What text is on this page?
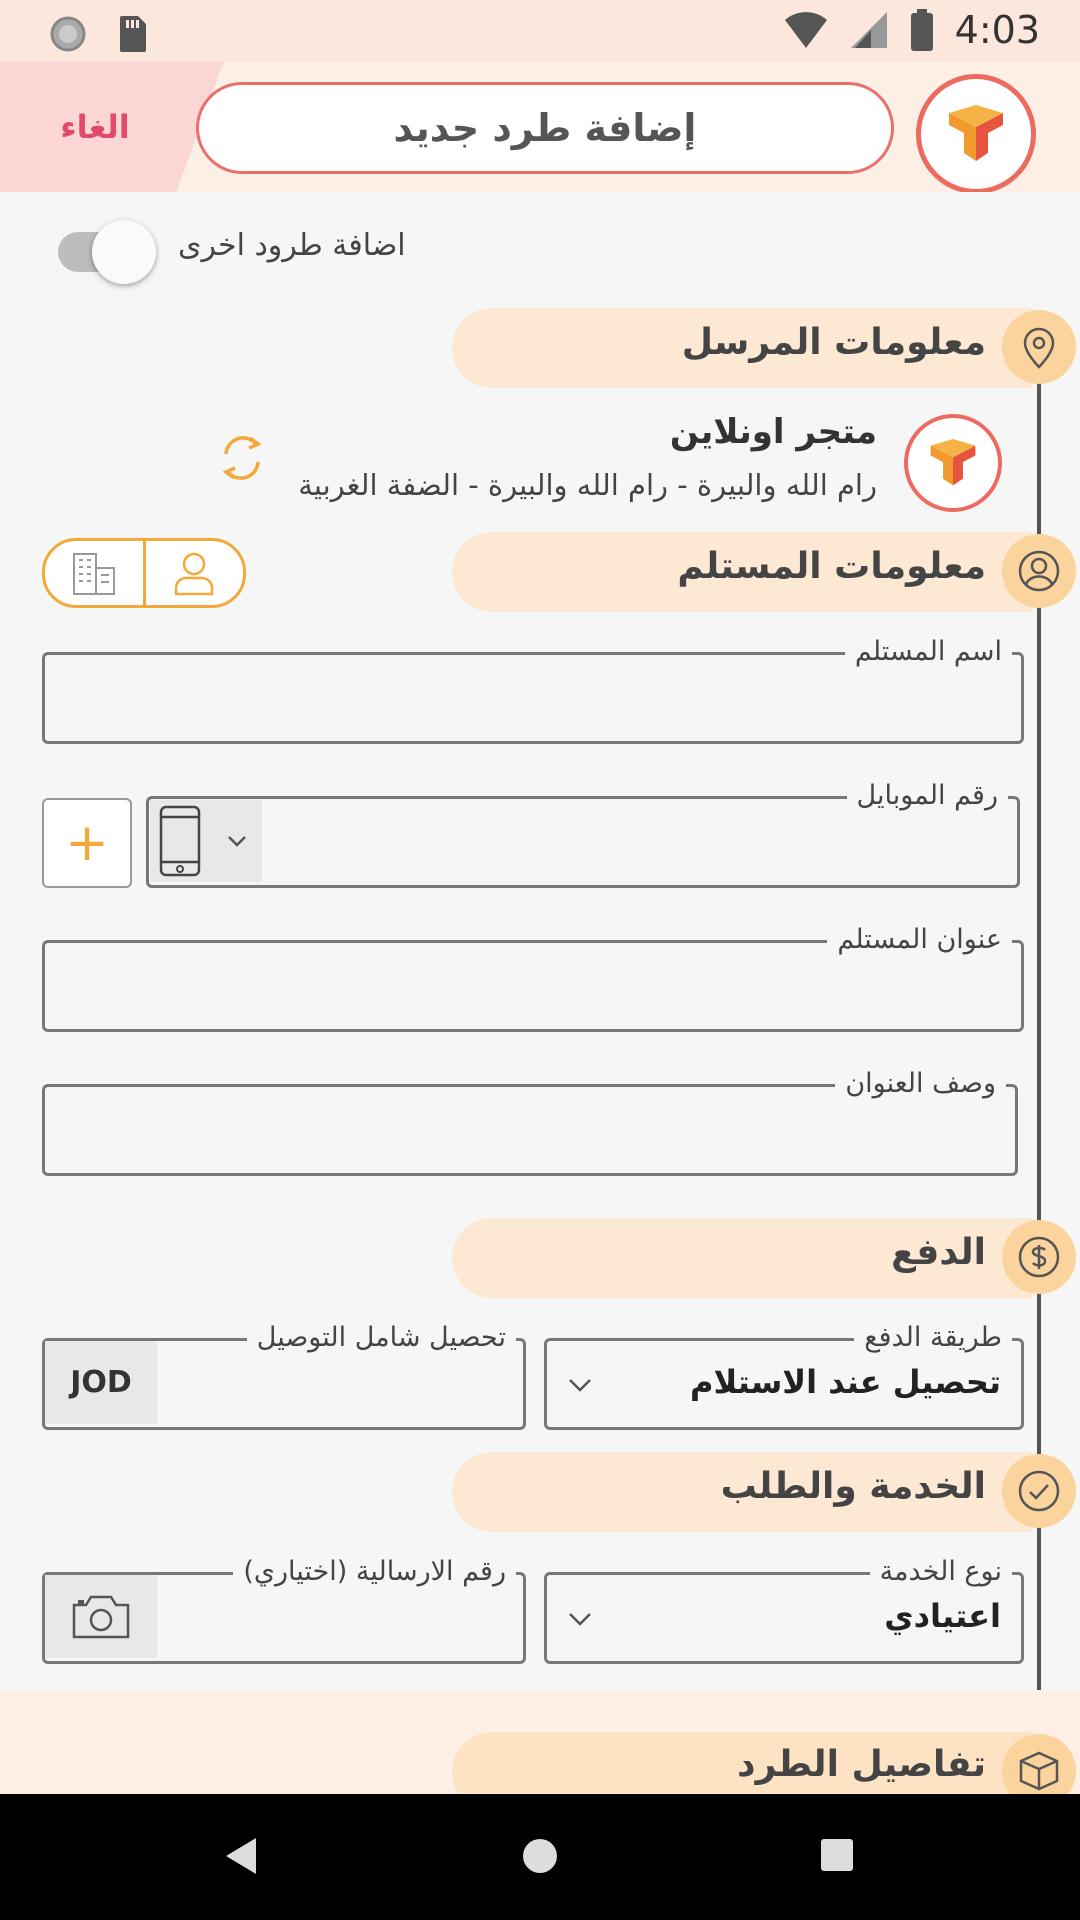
4:03
الغاء	إضافة طرد جديد
اضافة طرود اخرى
معلومات المرسل
متجر اونلاين
رام الله والبيرة - رام الله والبيرة - الضفة الغربية
معلومات المستلم
اسم المستلم
+
رقم الموبايل
عنوان المستلم
وصف العنوان
الدفع
تحصيل عند الاستلام
طريقة الدفع
JOD
تحصيل شامل التوصيل
الخدمة والطلب
اعتيادي
نوع الخدمة
رقم الارسالية (اختياري)
تفاصيل الطرد
